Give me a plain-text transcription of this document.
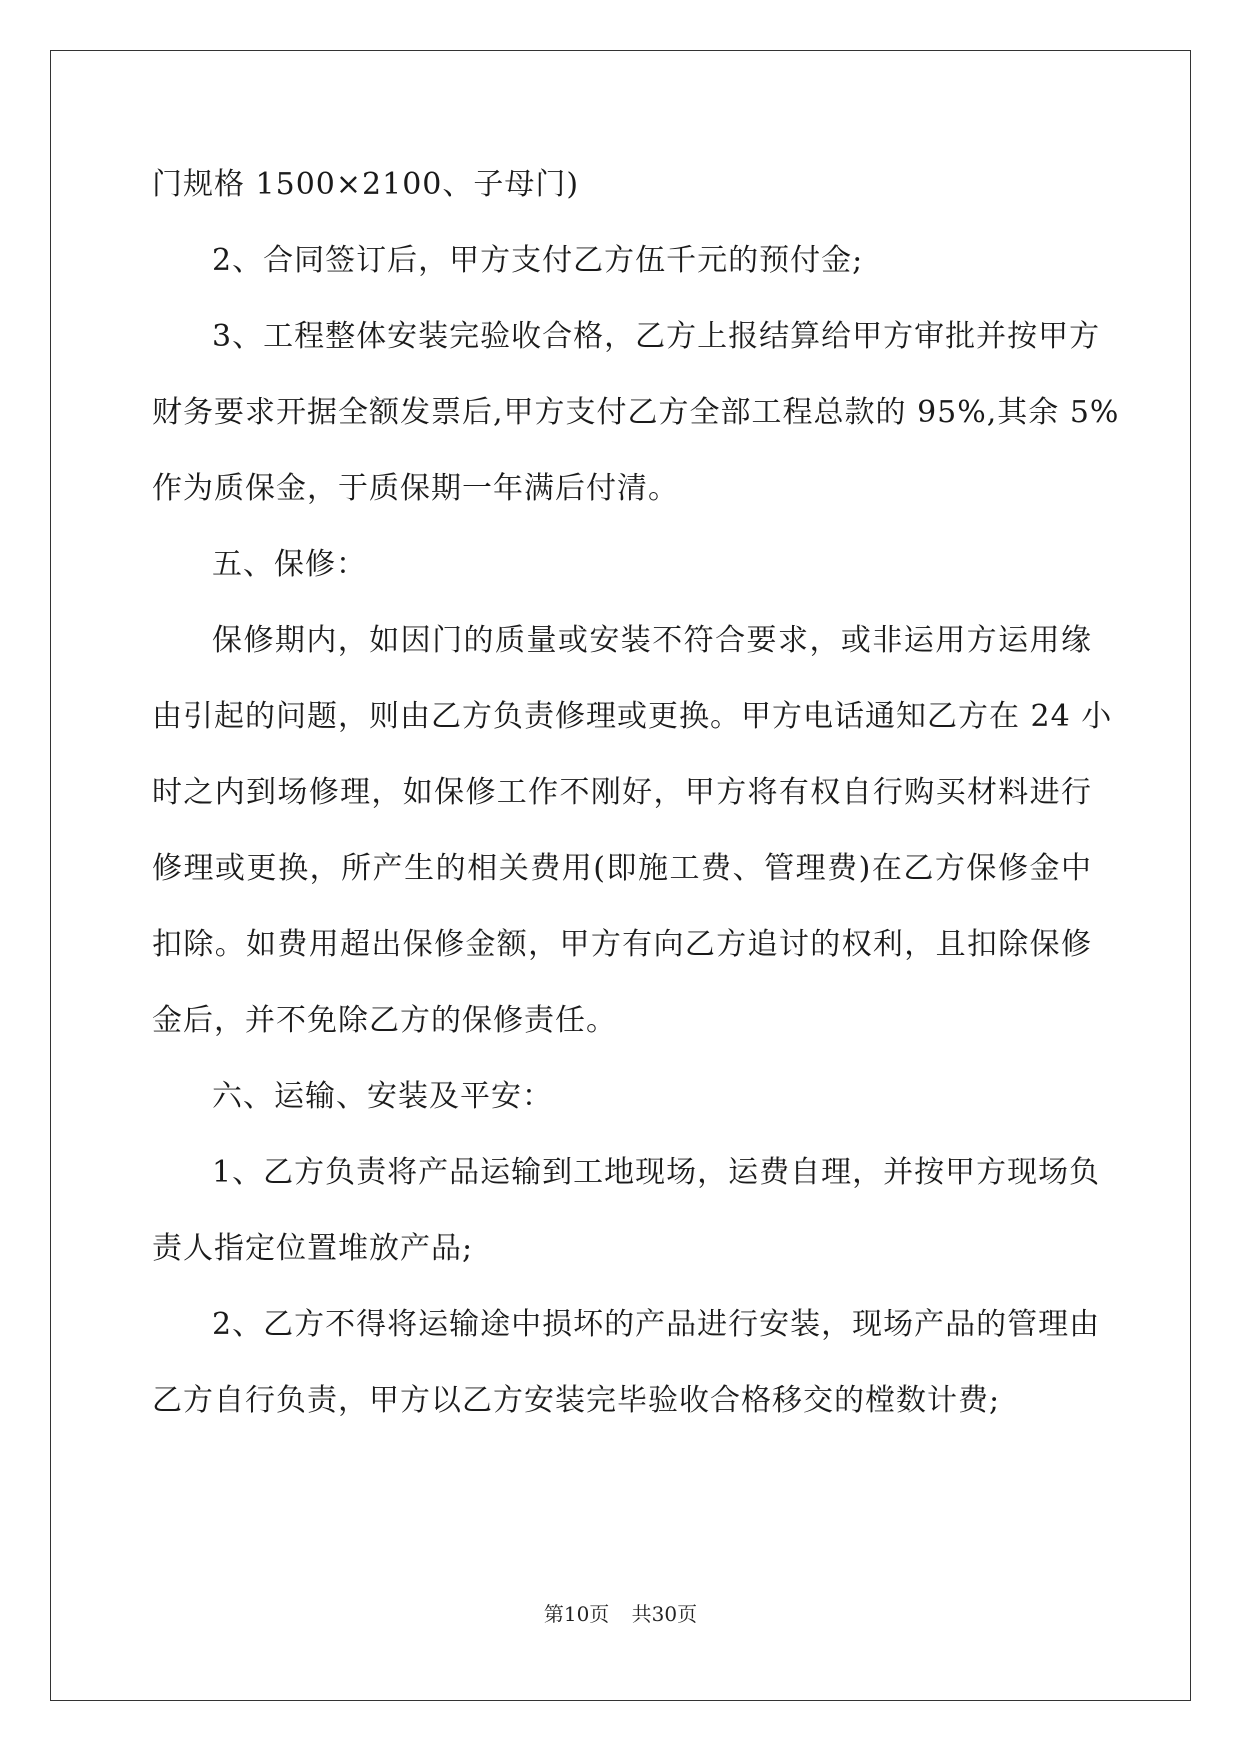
门规格 1500×2100、子母门)
2、合同签订后，甲方支付乙方伍千元的预付金;
3、工程整体安装完验收合格，乙方上报结算给甲方审批并按甲方
财务要求开据全额发票后,甲方支付乙方全部工程总款的 95%,其余 5%
作为质保金，于质保期一年满后付清。
五、保修：
保修期内，如因门的质量或安装不符合要求，或非运用方运用缘
由引起的问题，则由乙方负责修理或更换。甲方电话通知乙方在 24 小
时之内到场修理，如保修工作不刚好，甲方将有权自行购买材料进行
修理或更换，所产生的相关费用(即施工费、管理费)在乙方保修金中
扣除。如费用超出保修金额，甲方有向乙方追讨的权利，且扣除保修
金后，并不免除乙方的保修责任。
六、运输、安装及平安：
1、乙方负责将产品运输到工地现场，运费自理，并按甲方现场负
责人指定位置堆放产品;
2、乙方不得将运输途中损坏的产品进行安装，现场产品的管理由
乙方自行负责，甲方以乙方安装完毕验收合格移交的樘数计费;
第10页 共30页
